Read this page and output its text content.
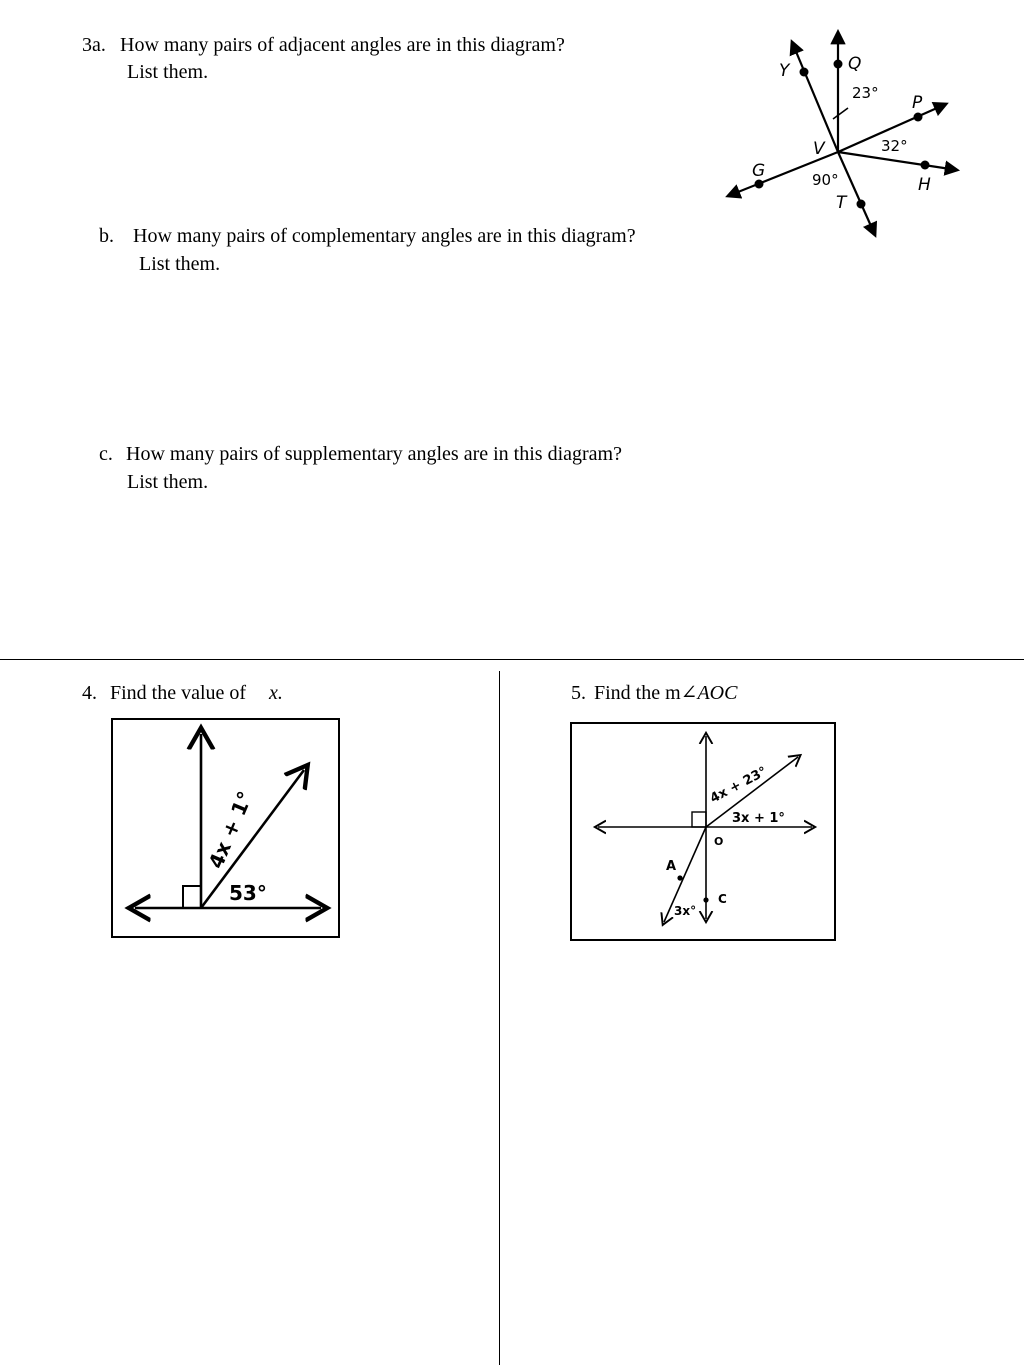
3a. How many pairs of adjacent angles are in this diagram?
List them.
b. How many pairs of complementary angles are in this diagram?
List them.
c. How many pairs of supplementary angles are in this diagram?
List them.
Y	Q
P
V
G
H
T
23°
32°
90°
4. Find the value of x.
4x + 1°
53°
5. Find the m∠AOC
4x + 23°
3x + 1°
O
A
C
3x°
